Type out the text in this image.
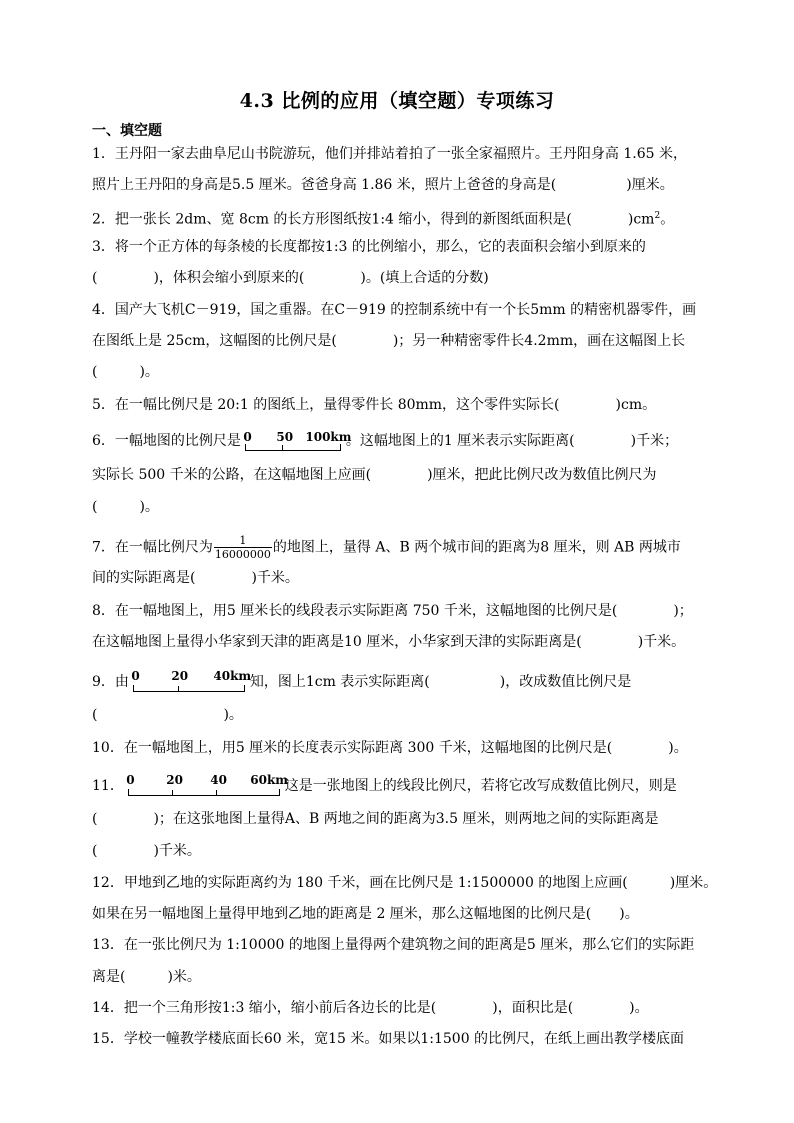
4.3 比例的应用（填空题）专项练习
一、填空题
1．王丹阳一家去曲阜尼山书院游玩，他们并排站着拍了一张全家福照片。王丹阳身高 1.65 米，
照片上王丹阳的身高是5.5 厘米。爸爸身高 1.86 米，照片上爸爸的身高是(　　　　　)厘米。
2．把一张长 2dm、宽 8cm 的长方形图纸按1:4 缩小，得到的新图纸面积是(　　　　)$cm^2$。
3．将一个正方体的每条棱的长度都按1:3 的比例缩小，那么，它的表面积会缩小到原来的
(　　　　)，体积会缩小到原来的(　　　　)。(填上合适的分数)
4．国产大飞机C－919，国之重器。在C－919 的控制系统中有一个长5mm 的精密机器零件，画
在图纸上是 25cm，这幅图的比例尺是(　　　　)；另一种精密零件长4.2mm，画在这幅图上长
(　　　)。
5．在一幅比例尺是 20:1 的图纸上，量得零件长 80mm，这个零件实际长(　　　　)cm。
6．一幅地图的比例尺是 0 50 100km
。这幅地图上的1 厘米表示实际距离(　　　　)千米；
实际长 500 千米的公路，在这幅地图上应画(　　　　)厘米，把此比例尺改为数值比例尺为
(　　　)。
7．在一幅比例尺为 $\frac{1}{16000000}$ 的地图上，量得 A、B 两个城市间的距离为8 厘米，则 AB 两城市
间的实际距离是(　　　　)千米。
8．在一幅地图上，用5 厘米长的线段表示实际距离 750 千米，这幅地图的比例尺是(　　　　)；
在这幅地图上量得小华家到天津的距离是10 厘米，小华家到天津的实际距离是(　　　　)千米。
9．由 0	20 40km
知，图上1cm 表示实际距离(　　　　　)，改成数值比例尺是
(　　　　　　　　　)。
10．在一幅地图上，用5 厘米的长度表示实际距离 300 千米，这幅地图的比例尺是(　　　　)。
11． 0	20 40 60km
这是一张地图上的线段比例尺，若将它改写成数值比例尺，则是
(　　　　)；在这张地图上量得A、B 两地之间的距离为3.5 厘米，则两地之间的实际距离是
(　　　　)千米。
12．甲地到乙地的实际距离约为 180 千米，画在比例尺是 1:1500000 的地图上应画(　　　)厘米。
如果在另一幅地图上量得甲地到乙地的距离是 2 厘米，那么这幅地图的比例尺是(　　)。
13．在一张比例尺为 1:10000 的地图上量得两个建筑物之间的距离是5 厘米，那么它们的实际距
离是(　　　)米。
14．把一个三角形按1:3 缩小，缩小前后各边长的比是(　　　　)，面积比是(　　　　)。
15．学校一幢教学楼底面长60 米，宽15 米。如果以1:1500 的比例尺，在纸上画出教学楼底面
